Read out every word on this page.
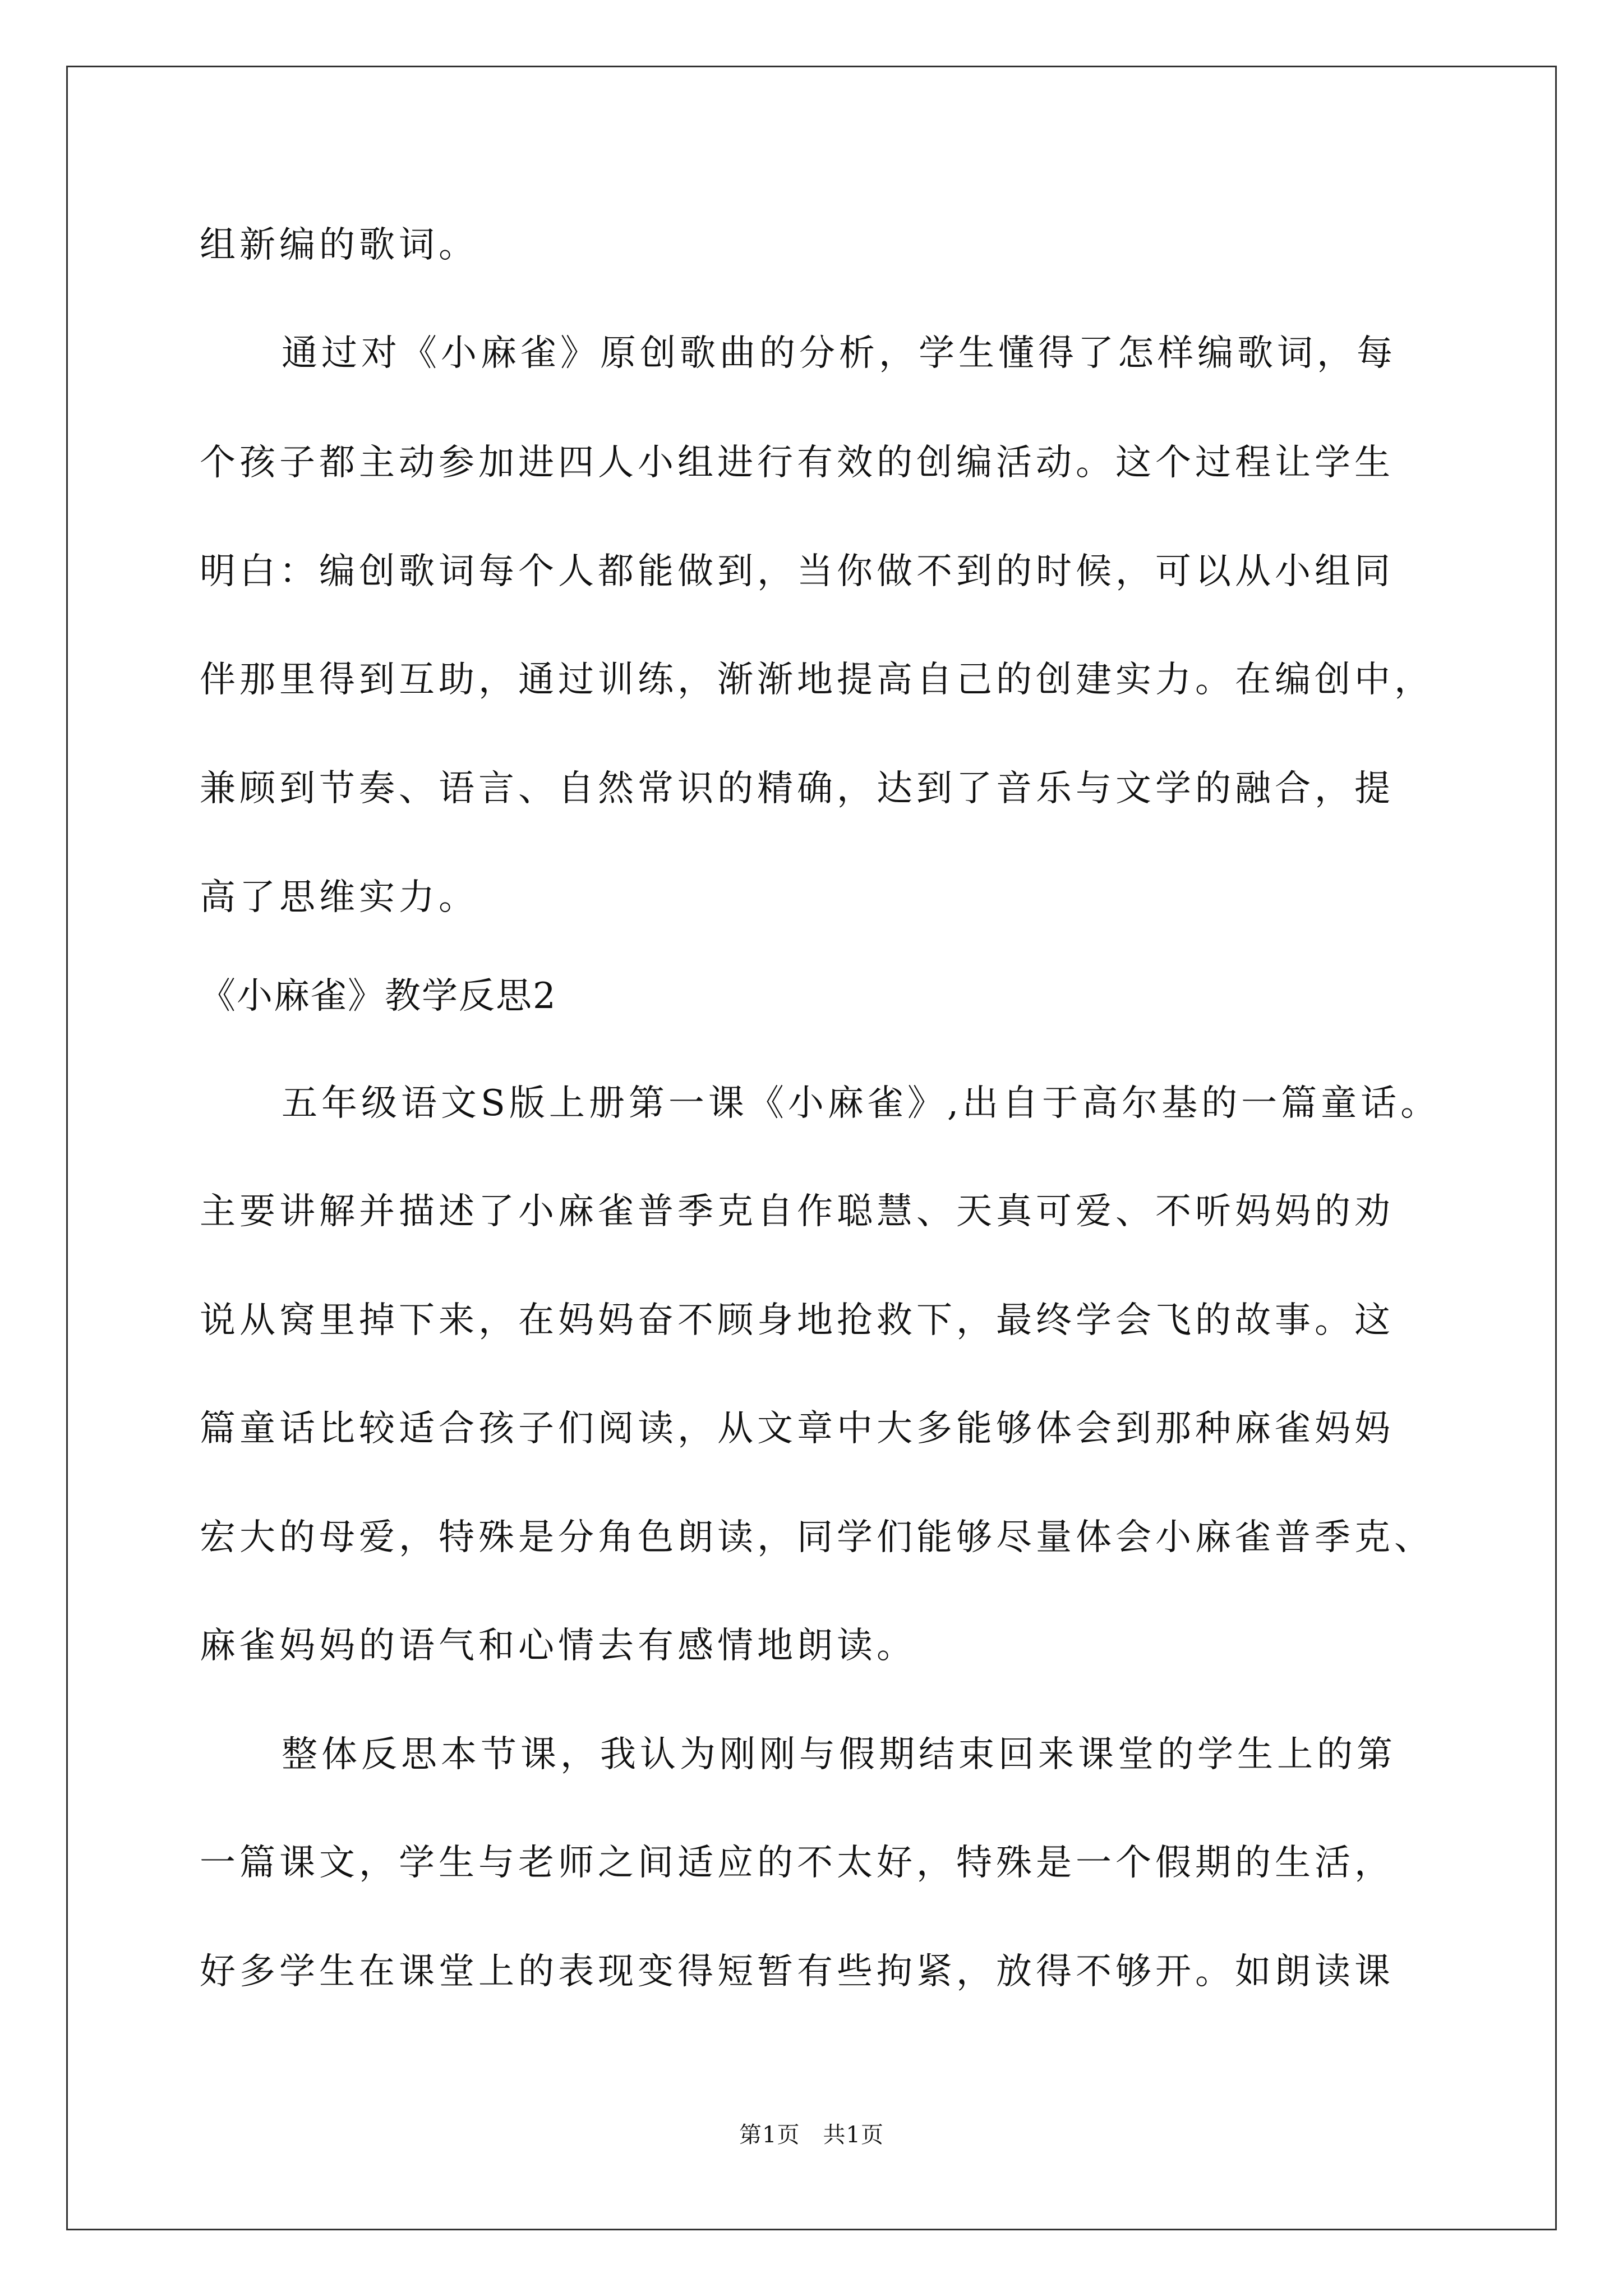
组新编的歌词。

通过对《小麻雀》原创歌曲的分析，学生懂得了怎样编歌词，每

个孩子都主动参加进四人小组进行有效的创编活动。这个过程让学生

明白：编创歌词每个人都能做到，当你做不到的时候，可以从小组同

伴那里得到互助，通过训练，渐渐地提高自己的创建实力。在编创中，

兼顾到节奏、语言、自然常识的精确，达到了音乐与文学的融合，提

高了思维实力。

《小麻雀》教学反思2

五年级语文S版上册第一课《小麻雀》,出自于高尔基的一篇童话。

主要讲解并描述了小麻雀普季克自作聪慧、天真可爱、不听妈妈的劝

说从窝里掉下来，在妈妈奋不顾身地抢救下，最终学会飞的故事。这

篇童话比较适合孩子们阅读，从文章中大多能够体会到那种麻雀妈妈

宏大的母爱，特殊是分角色朗读，同学们能够尽量体会小麻雀普季克、

麻雀妈妈的语气和心情去有感情地朗读。

整体反思本节课，我认为刚刚与假期结束回来课堂的学生上的第

一篇课文，学生与老师之间适应的不太好，特殊是一个假期的生活，

好多学生在课堂上的表现变得短暂有些拘紧，放得不够开。如朗读课

第1页　共1页
